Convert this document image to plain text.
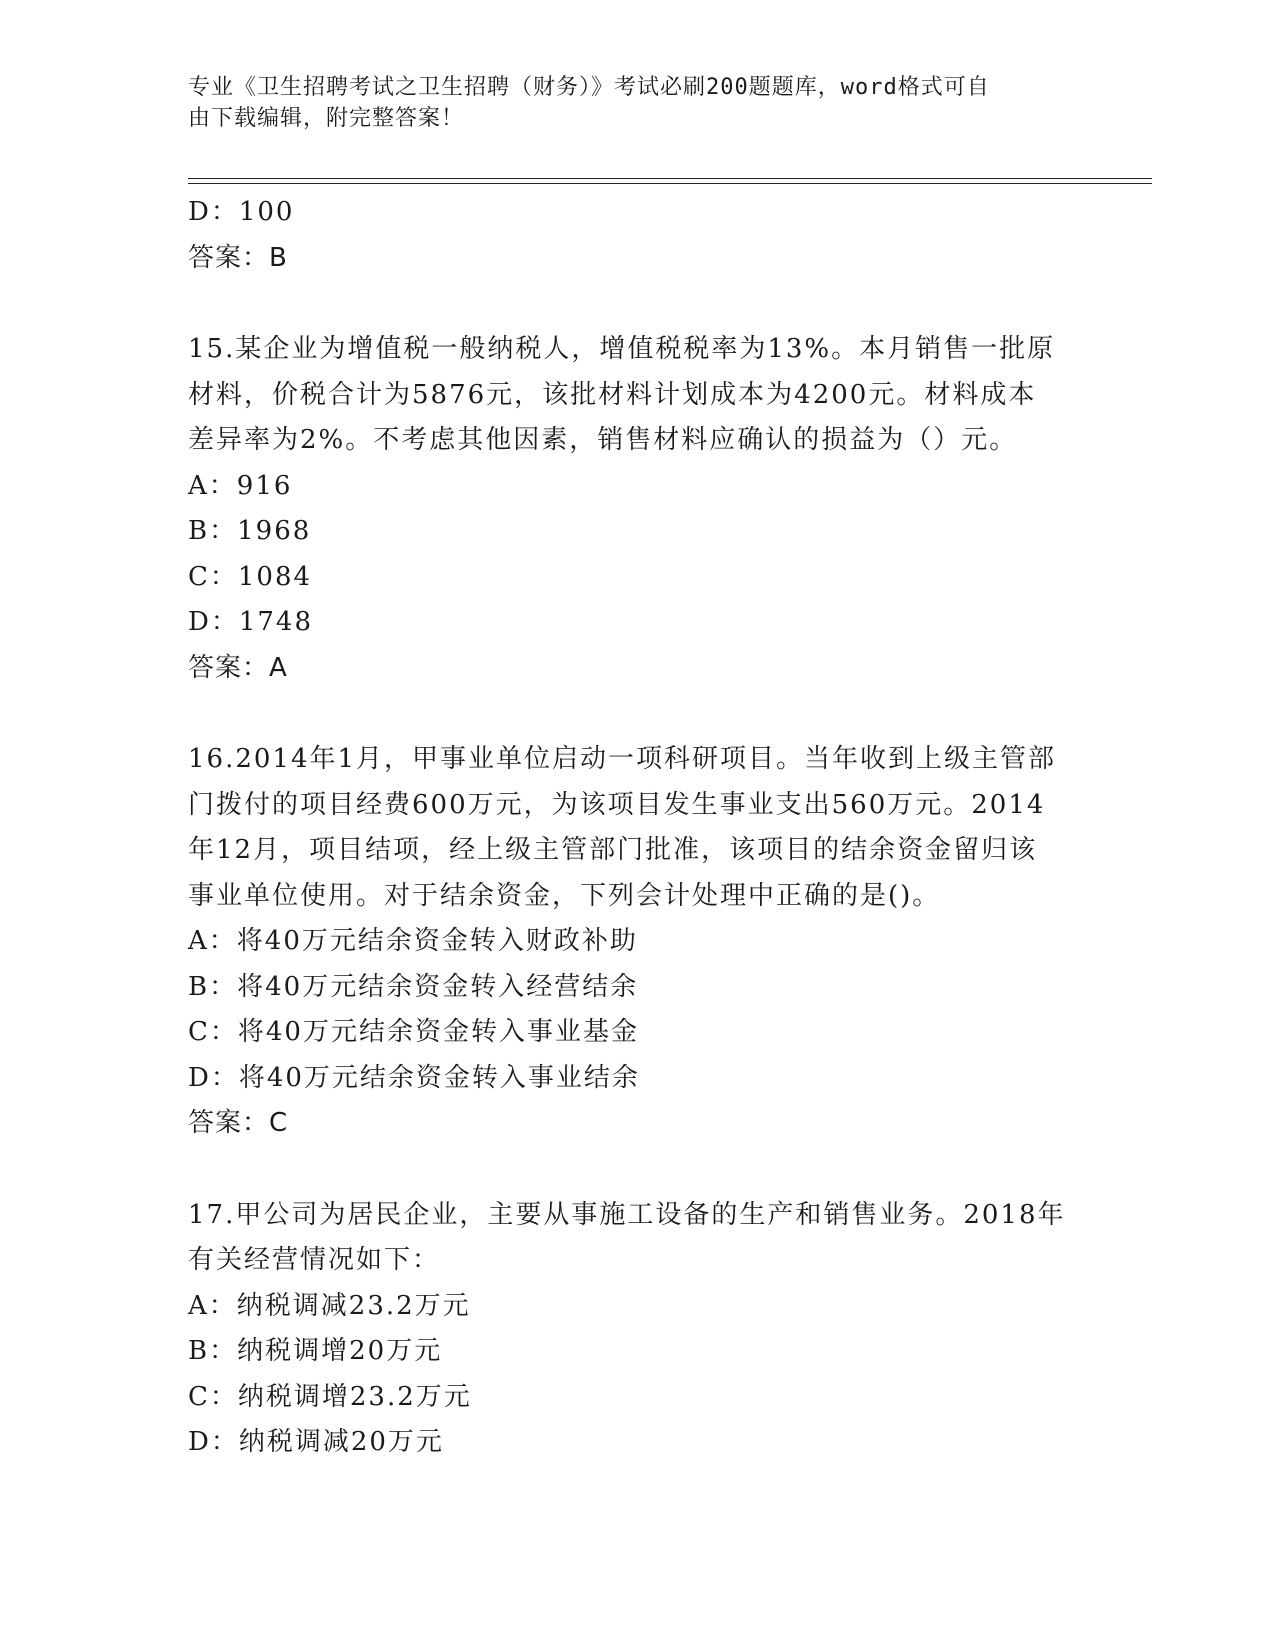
专业《卫生招聘考试之卫生招聘（财务）》考试必刷200题题库，word格式可自
由下载编辑，附完整答案！
D：100
答案：B
15.某企业为增值税一般纳税人，增值税税率为13%。本月销售一批原
材料，价税合计为5876元，该批材料计划成本为4200元。材料成本
差异率为2%。不考虑其他因素，销售材料应确认的损益为（）元。
A：916
B：1968
C：1084
D：1748
答案：A
16.2014年1月，甲事业单位启动一项科研项目。当年收到上级主管部
门拨付的项目经费600万元，为该项目发生事业支出560万元。2014
年12月，项目结项，经上级主管部门批准，该项目的结余资金留归该
事业单位使用。对于结余资金，下列会计处理中正确的是()。
A：将40万元结余资金转入财政补助
B：将40万元结余资金转入经营结余
C：将40万元结余资金转入事业基金
D：将40万元结余资金转入事业结余
答案：C
17.甲公司为居民企业，主要从事施工设备的生产和销售业务。2018年
有关经营情况如下：
A：纳税调减23.2万元
B：纳税调增20万元
C：纳税调增23.2万元
D：纳税调减20万元
